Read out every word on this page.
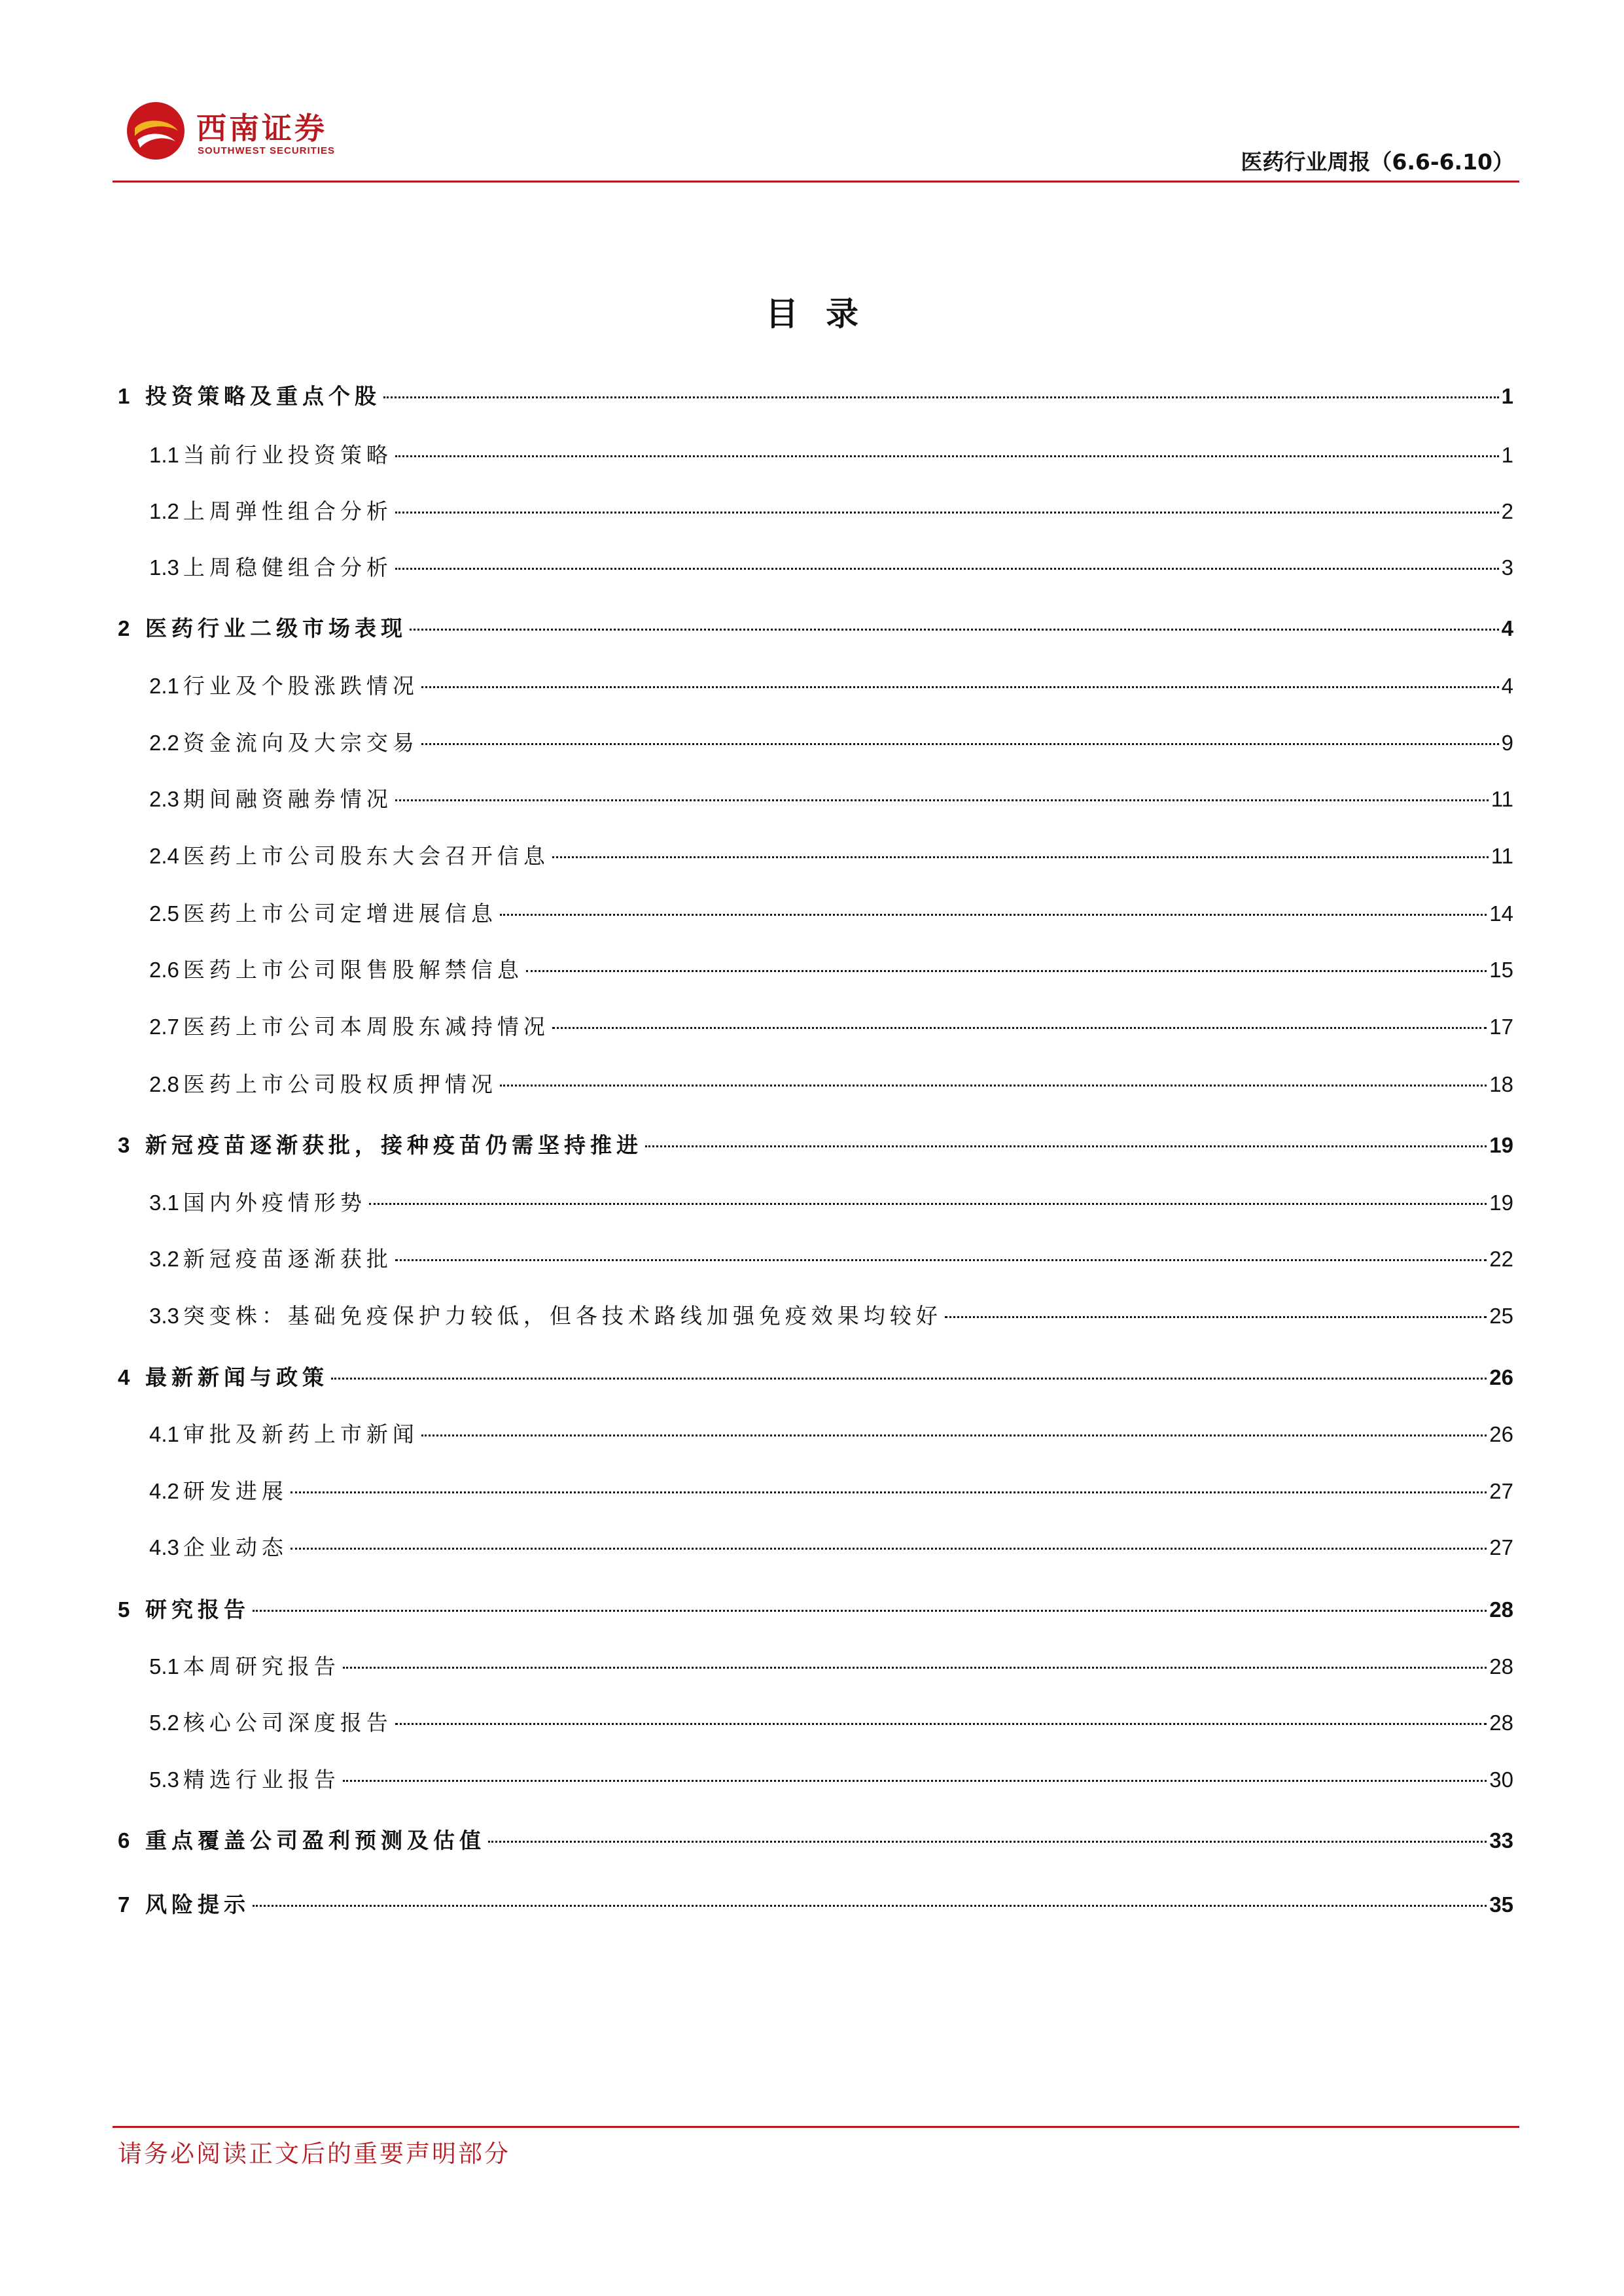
西南证券
SOUTHWEST SECURITIES	医药行业周报（6.6-6.10）
目录
1 投资策略及重点个股	1
1.1 当前行业投资策略	1
1.2 上周弹性组合分析	2
1.3 上周稳健组合分析	3
2 医药行业二级市场表现	4
2.1 行业及个股涨跌情况	4
2.2 资金流向及大宗交易	9
2.3 期间融资融券情况	11
2.4 医药上市公司股东大会召开信息	11
2.5 医药上市公司定增进展信息	14
2.6 医药上市公司限售股解禁信息	15
2.7 医药上市公司本周股东减持情况	17
2.8 医药上市公司股权质押情况	18
3 新冠疫苗逐渐获批，接种疫苗仍需坚持推进	19
3.1 国内外疫情形势	19
3.2 新冠疫苗逐渐获批	22
3.3 突变株：基础免疫保护力较低，但各技术路线加强免疫效果均较好	25
4 最新新闻与政策	26
4.1 审批及新药上市新闻	26
4.2 研发进展	27
4.3 企业动态	27
5 研究报告	28
5.1 本周研究报告	28
5.2 核心公司深度报告	28
5.3 精选行业报告	30
6 重点覆盖公司盈利预测及估值	33
7 风险提示	35
请务必阅读正文后的重要声明部分
